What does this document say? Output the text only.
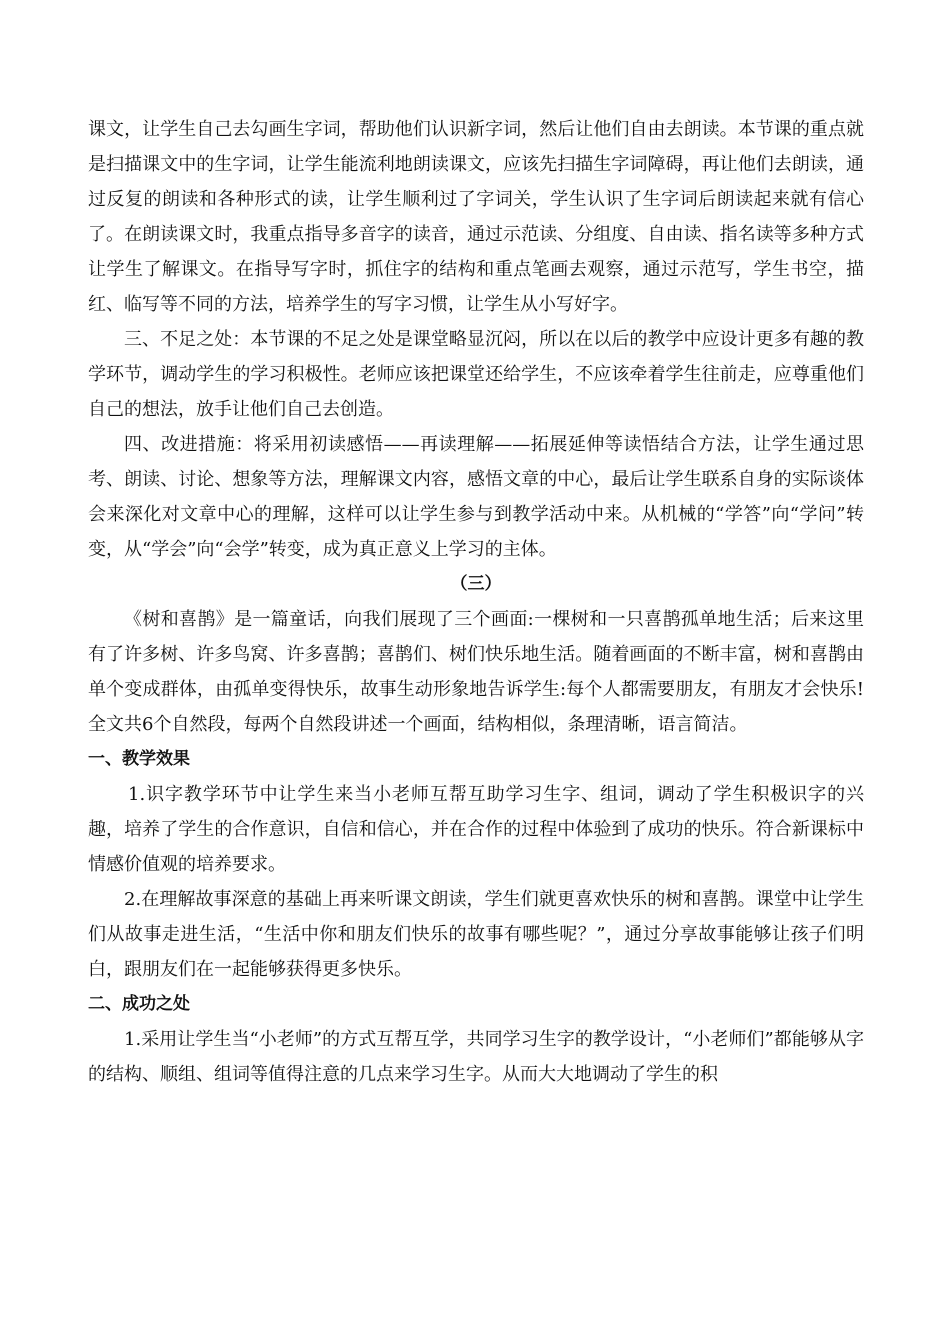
课文，让学生自己去勾画生字词，帮助他们认识新字词，然后让他们自由去朗读。本节课的重点就是扫描课文中的生字词，让学生能流利地朗读课文，应该先扫描生字词障碍，再让他们去朗读，通过反复的朗读和各种形式的读，让学生顺利过了字词关，学生认识了生字词后朗读起来就有信心了。在朗读课文时，我重点指导多音字的读音，通过示范读、分组度、自由读、指名读等多种方式让学生了解课文。在指导写字时，抓住字的结构和重点笔画去观察，通过示范写，学生书空，描红、临写等不同的方法，培养学生的写字习惯，让学生从小写好字。

三、不足之处：本节课的不足之处是课堂略显沉闷，所以在以后的教学中应设计更多有趣的教学环节，调动学生的学习积极性。老师应该把课堂还给学生，不应该牵着学生往前走，应尊重他们自己的想法，放手让他们自己去创造。

四、改进措施：将采用初读感悟——再读理解——拓展延伸等读悟结合方法，让学生通过思考、朗读、讨论、想象等方法，理解课文内容，感悟文章的中心，最后让学生联系自身的实际谈体会来深化对文章中心的理解，这样可以让学生参与到教学活动中来。从机械的“学答”向“学问”转变，从“学会”向“会学”转变，成为真正意义上学习的主体。

（三）

《树和喜鹊》是一篇童话，向我们展现了三个画面:一棵树和一只喜鹊孤单地生活；后来这里有了许多树、许多鸟窝、许多喜鹊；喜鹊们、树们快乐地生活。随着画面的不断丰富，树和喜鹊由单个变成群体，由孤单变得快乐，故事生动形象地告诉学生:每个人都需要朋友，有朋友才会快乐!全文共6个自然段，每两个自然段讲述一个画面，结构相似，条理清晰，语言简洁。

一、教学效果

1.识字教学环节中让学生来当小老师互帮互助学习生字、组词，调动了学生积极识字的兴趣，培养了学生的合作意识，自信和信心，并在合作的过程中体验到了成功的快乐。符合新课标中情感价值观的培养要求。

2.在理解故事深意的基础上再来听课文朗读，学生们就更喜欢快乐的树和喜鹊。课堂中让学生们从故事走进生活，“生活中你和朋友们快乐的故事有哪些呢？”，通过分享故事能够让孩子们明白，跟朋友们在一起能够获得更多快乐。

二、成功之处

1.采用让学生当“小老师”的方式互帮互学，共同学习生字的教学设计，“小老师们”都能够从字的结构、顺组、组词等值得注意的几点来学习生字。从而大大地调动了学生的积
